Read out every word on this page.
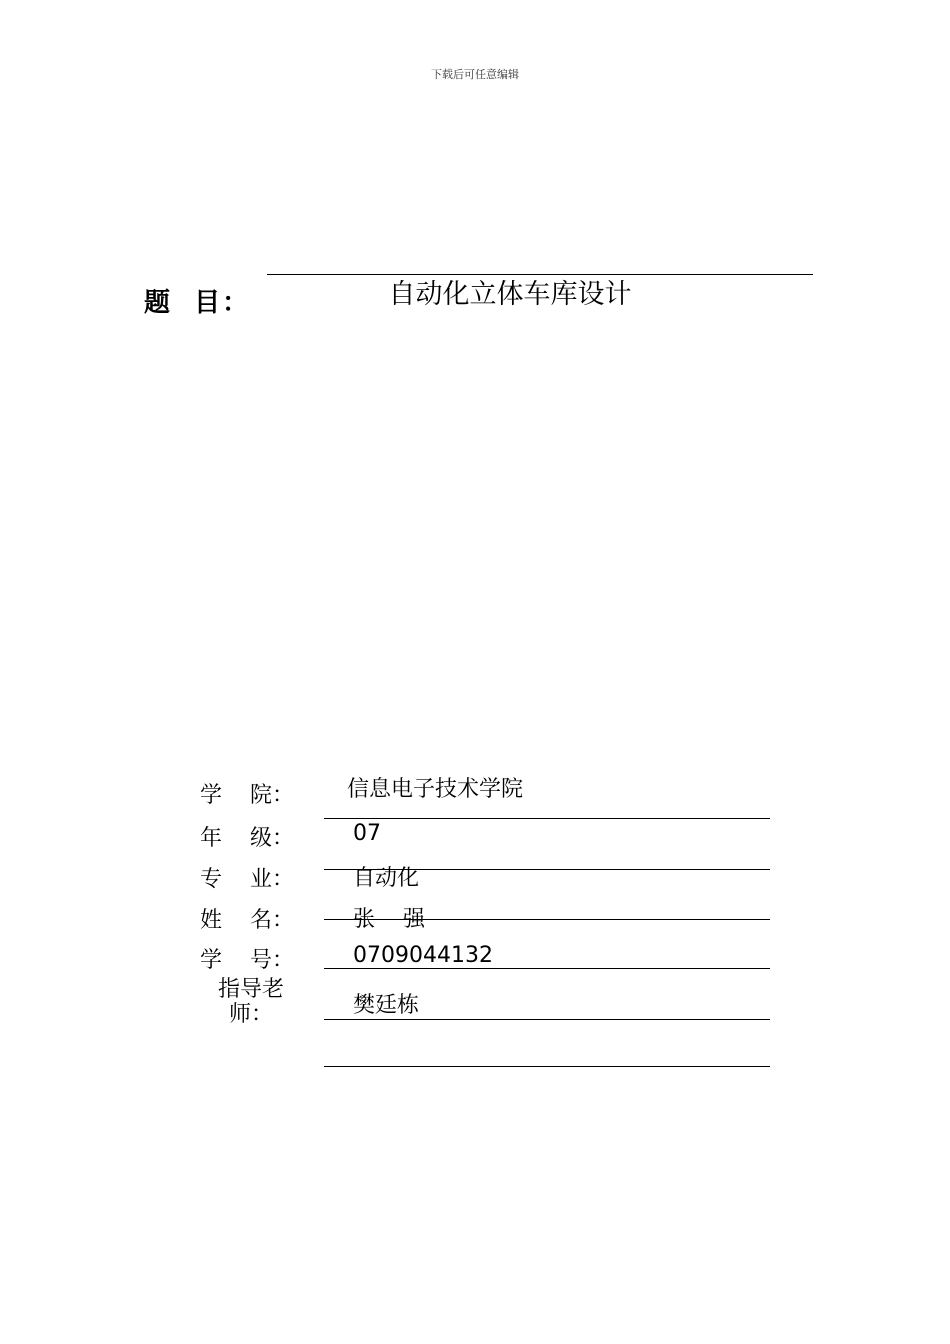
下载后可任意编辑
题  目：	自动化立体车库设计
学    院： 信息电子技术学院
年    级：	07
专    业：	自动化
姓    名：	张    强
学    号：	0709044132
指导老师：	樊廷栋
